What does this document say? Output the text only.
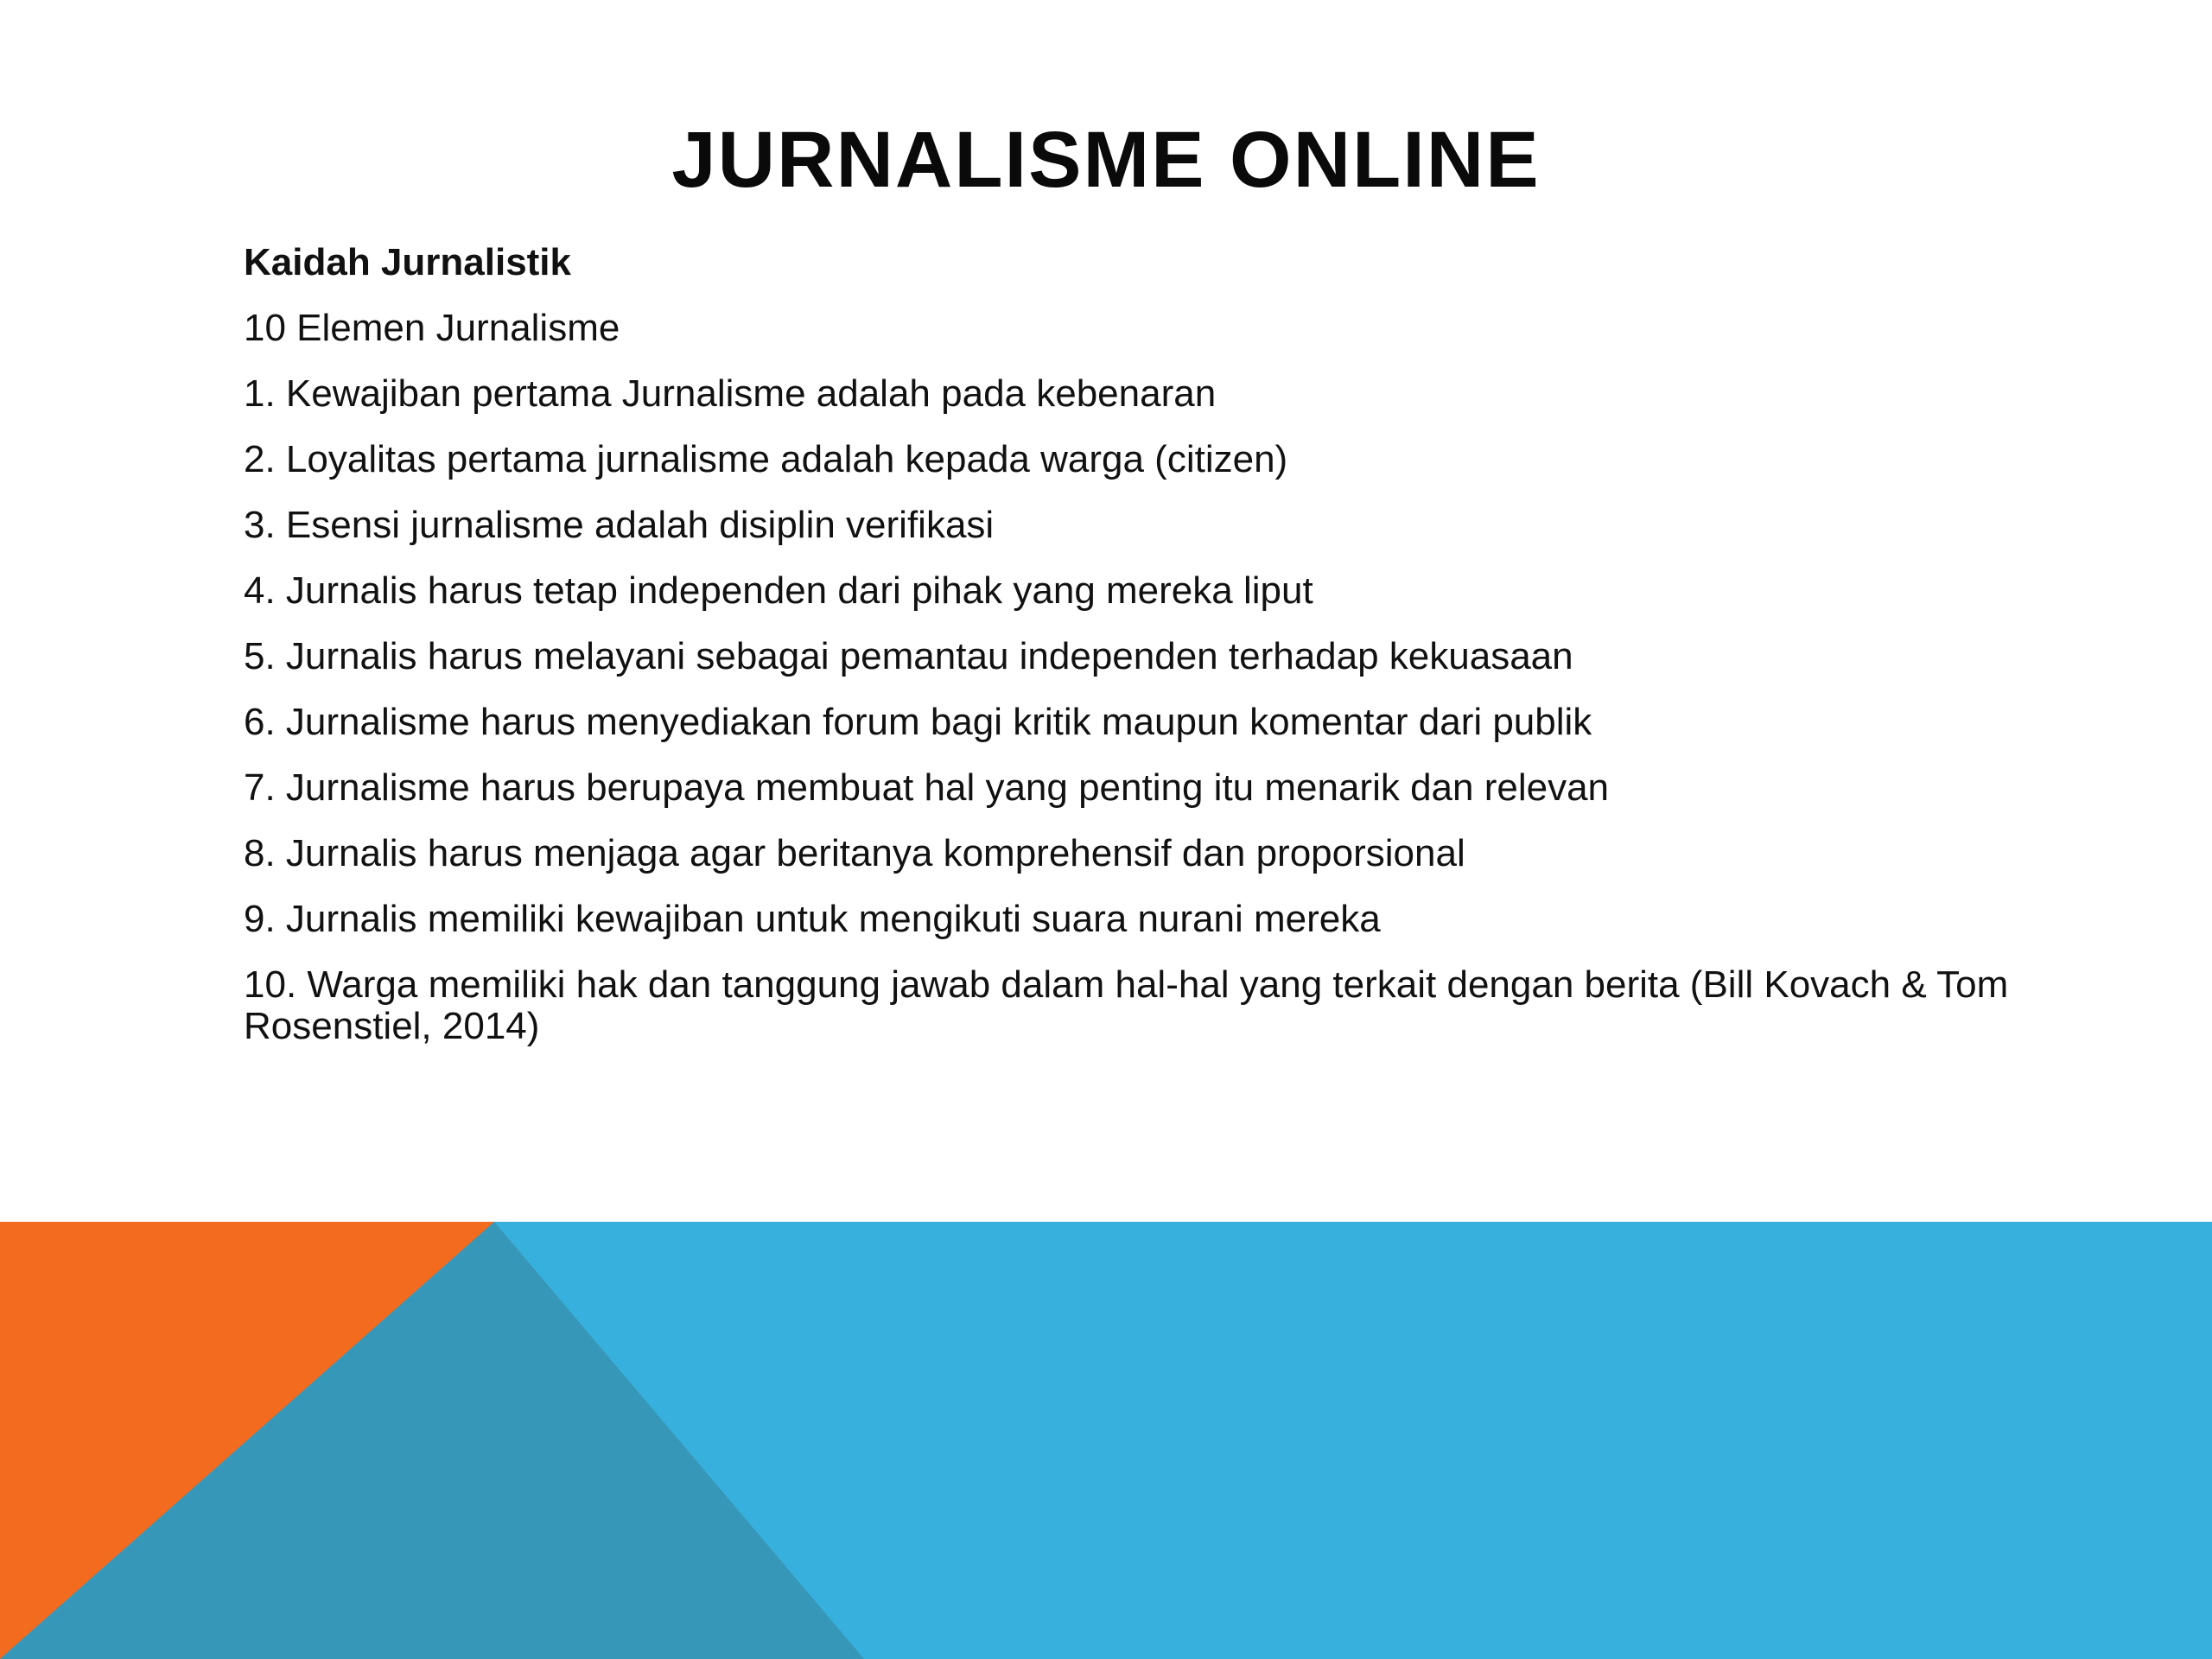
JURNALISME ONLINE

Kaidah Jurnalistik

10 Elemen Jurnalisme

1. Kewajiban pertama Jurnalisme adalah pada kebenaran

2. Loyalitas pertama jurnalisme adalah kepada warga (citizen)

3. Esensi jurnalisme adalah disiplin verifikasi

4. Jurnalis harus tetap independen dari pihak yang mereka liput

5. Jurnalis harus melayani sebagai pemantau independen terhadap kekuasaan

6. Jurnalisme harus menyediakan forum bagi kritik maupun komentar dari publik

7. Jurnalisme harus berupaya membuat hal yang penting itu menarik dan relevan

8. Jurnalis harus menjaga agar beritanya komprehensif dan proporsional

9. Jurnalis memiliki kewajiban untuk mengikuti suara nurani mereka

10. Warga memiliki hak dan tanggung jawab dalam hal-hal yang terkait dengan berita (Bill Kovach & Tom Rosenstiel, 2014)
